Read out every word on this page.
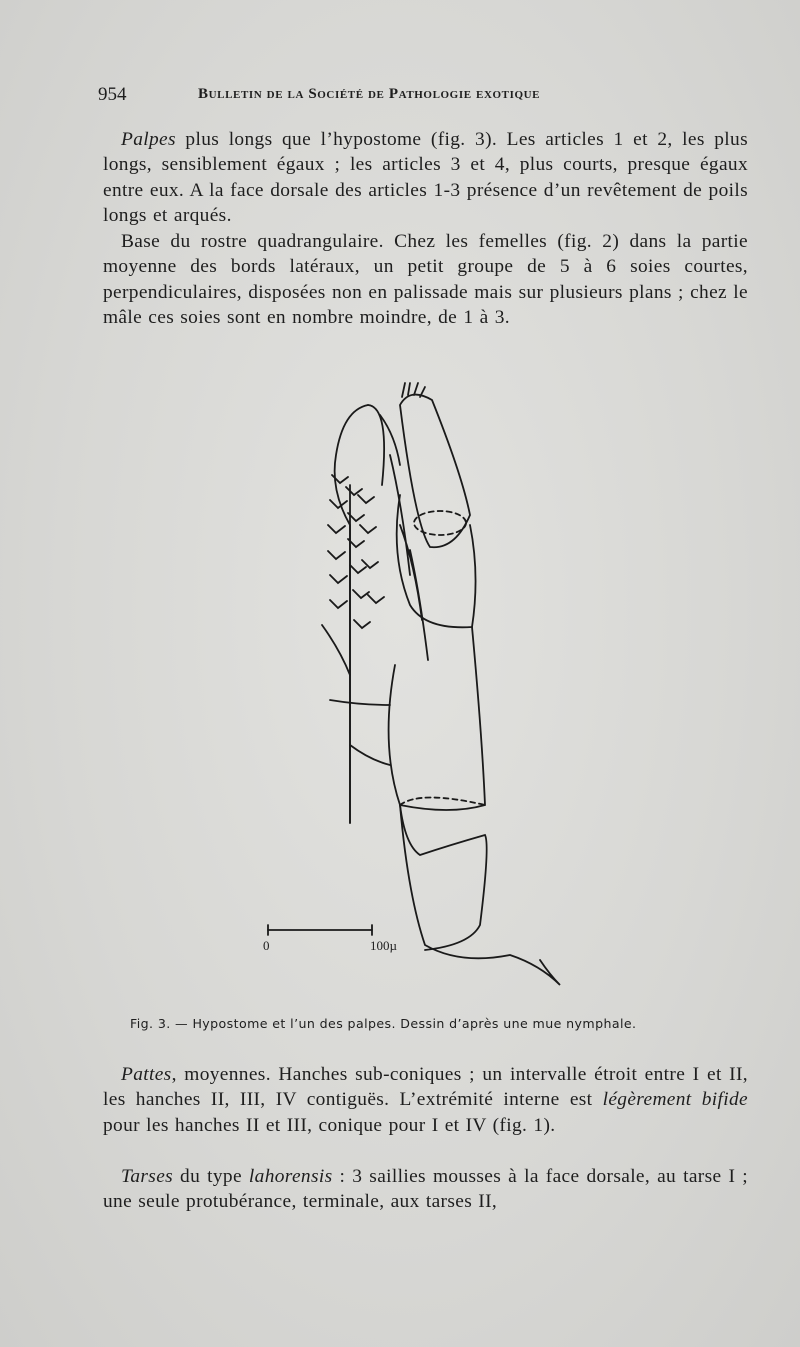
954	Bulletin de la Société de Pathologie exotique

Palpes plus longs que l’hypostome (fig. 3). Les articles 1 et 2, les plus longs, sensiblement égaux ; les articles 3 et 4, plus courts, presque égaux entre eux. A la face dorsale des articles 1-3 présence d’un revêtement de poils longs et arqués.

Base du rostre quadrangulaire. Chez les femelles (fig. 2) dans la partie moyenne des bords latéraux, un petit groupe de 5 à 6 soies courtes, perpendiculaires, disposées non en palissade mais sur plusieurs plans ; chez le mâle ces soies sont en nombre moindre, de 1 à 3.

0	100µ
Fig. 3. — Hypostome et l’un des palpes. Dessin d’après une mue nymphale.

Pattes, moyennes. Hanches sub-coniques ; un intervalle étroit entre I et II, les hanches II, III, IV contiguës. L’extrémité interne est légèrement bifide pour les hanches II et III, conique pour I et IV (fig. 1).

Tarses du type lahorensis : 3 saillies mousses à la face dorsale, au tarse I ; une seule protubérance, terminale, aux tarses II,
